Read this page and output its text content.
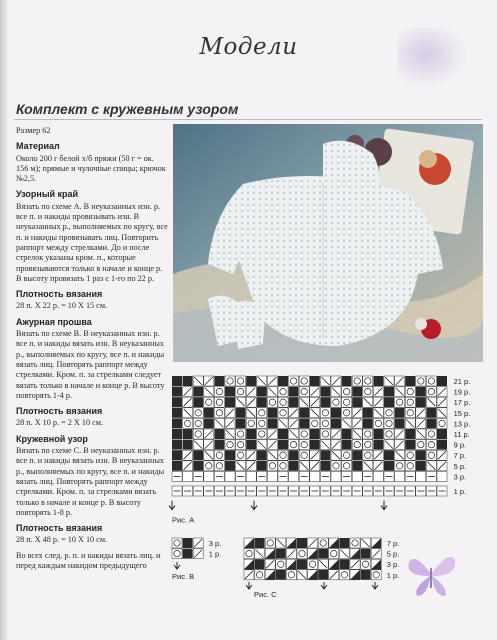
Модели
Комплект с кружевным узором

Размер 62

Материал

Около 200 г белой х/б пряжи (50 г = ок. 156 м); прямые и чулочные спицы; крючок №2,5.

Узорный край

Вязать по схеме А. В неуказанных изн. р. все п. и накиды провязывать изн. В неуказанных р., выполняемых по кругу, все п. и накиды провязывать лиц. Повторить раппорт между стрелками. До и после стрелок указаны кром. п., которые провязываются только в начале и конце р. В высоту провязать 1 раз с 1-го по 22 р.

Плотность вязания

28 п. Х 22 р. = 10 Х 15 см.

Ажурная прошва

Вязать по схеме В. В неуказанных изн. р. все п. и накиды вязать изн. В неуказанных р., выполняемых по кругу, все п. и накиды вязать лиц. Повторять раппорт между стрелками. Кром. п. за стрелками следует вязать только в начале и конце р. В высоту повторять 1-4 р.

Плотность вязания

28 п. Х 10 р. = 2 Х 10 см.

Кружевной узор

Вязать по схеме С. В неуказанных изн. р. все п. и накиды вязать изн. В неуказанных р., выполняемых по кругу, все п. и накиды вязать лиц. Повторять раппорт между стрелками. Кром. п. за стрелками вязать только в начале и конце р. В высоту повторять 1-8 р.

Плотность вязания

28 п. Х 48 р. = 10 Х 10 см.

Во всех след. р. п. и накиды вязать лиц. и перед каждым накидом предыдущего

21 р.
19 р.
17 р.
15 р.
13 р.
11 р.
9 р.
7 р.
5 р.
3 р.
1 р.
Рис. А
3 р.
1 р.
Рис. B
7 р.
5 р.
3 р.
1 р.
Рис. C
